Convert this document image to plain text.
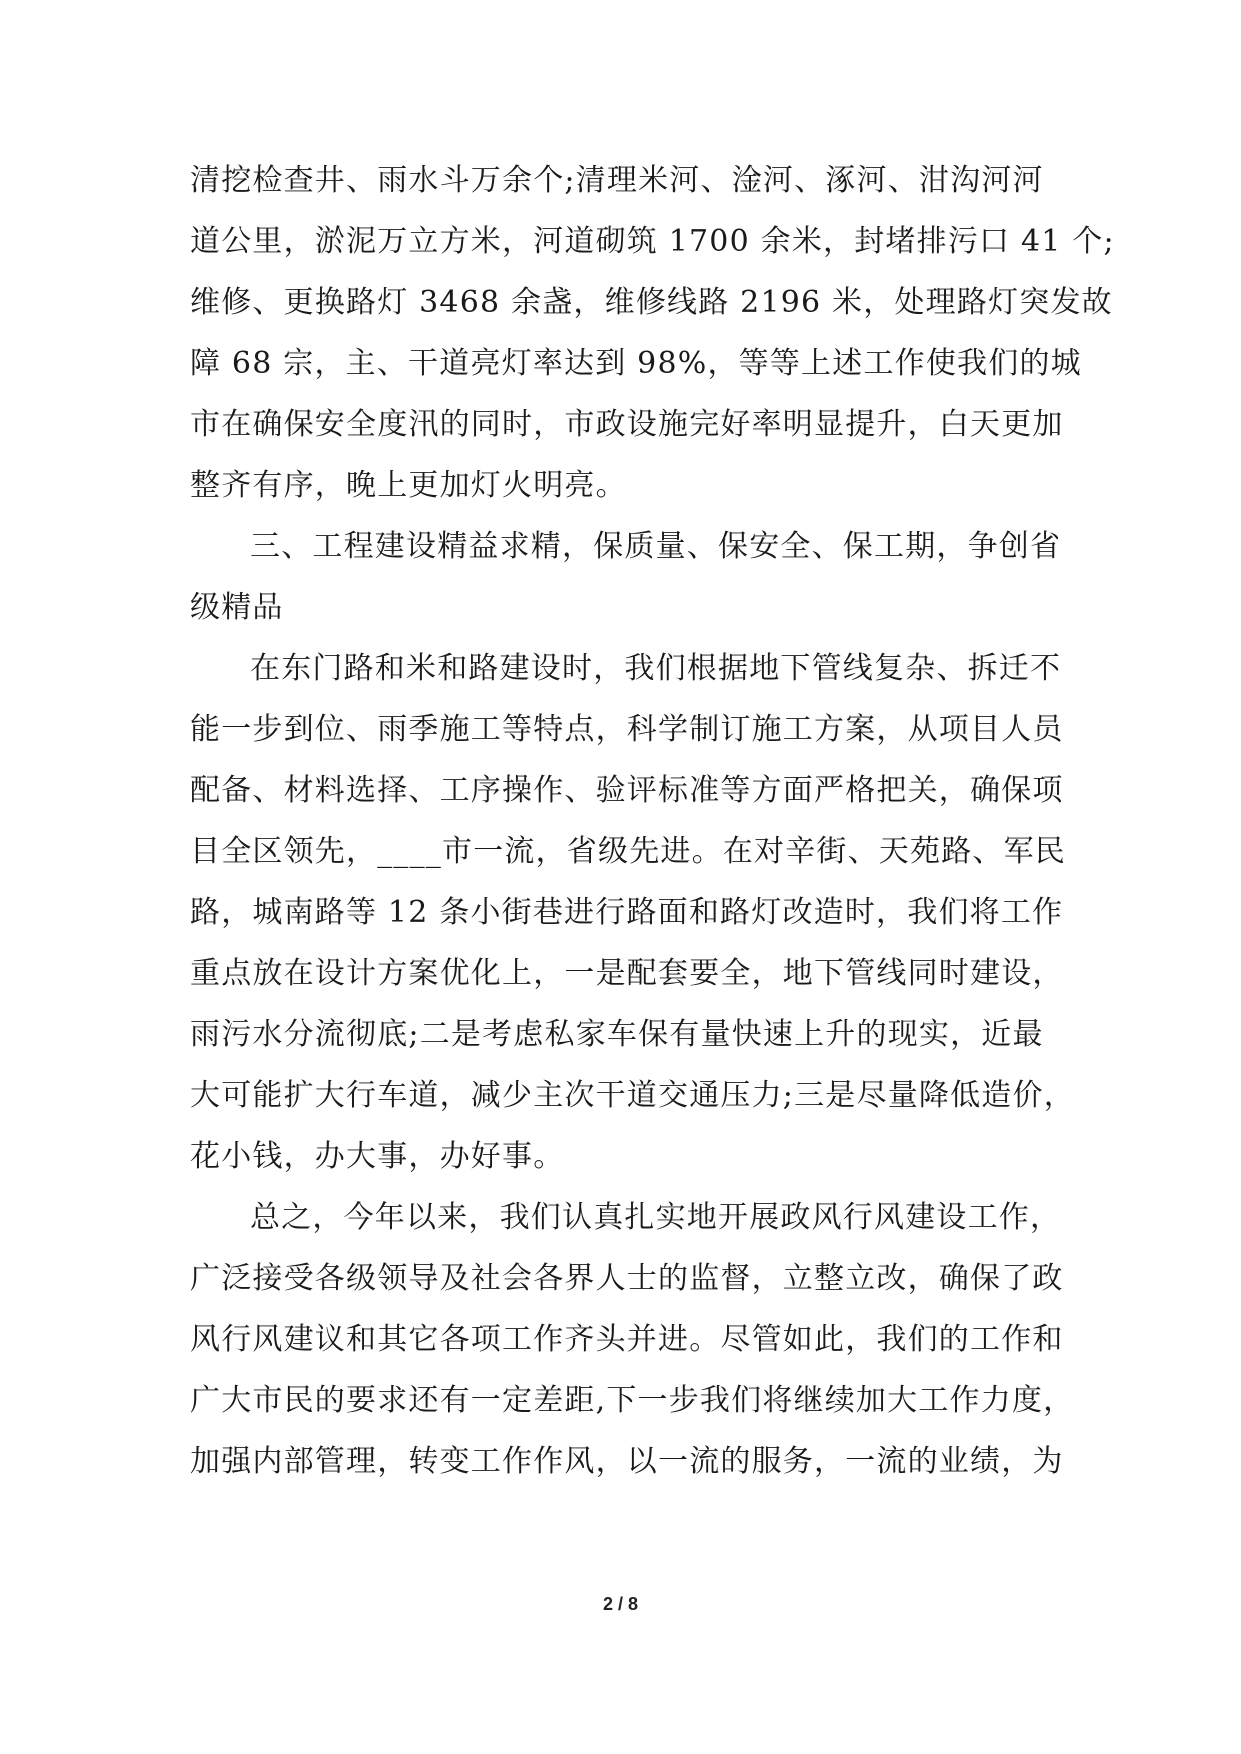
清挖检查井、雨水斗万余个;清理米河、淦河、涿河、泔沟河河
道公里，淤泥万立方米，河道砌筑 1700 余米，封堵排污口 41 个;
维修、更换路灯 3468 余盏，维修线路 2196 米，处理路灯突发故
障 68 宗，主、干道亮灯率达到 98%，等等上述工作使我们的城
市在确保安全度汛的同时，市政设施完好率明显提升，白天更加
整齐有序，晚上更加灯火明亮。
三、工程建设精益求精，保质量、保安全、保工期，争创省
级精品
在东门路和米和路建设时，我们根据地下管线复杂、拆迁不
能一步到位、雨季施工等特点，科学制订施工方案，从项目人员
配备、材料选择、工序操作、验评标准等方面严格把关，确保项
目全区领先，____市一流，省级先进。在对辛街、天苑路、军民
路，城南路等 12 条小街巷进行路面和路灯改造时，我们将工作
重点放在设计方案优化上，一是配套要全，地下管线同时建设，
雨污水分流彻底;二是考虑私家车保有量快速上升的现实，近最
大可能扩大行车道，减少主次干道交通压力;三是尽量降低造价，
花小钱，办大事，办好事。
总之，今年以来，我们认真扎实地开展政风行风建设工作，
广泛接受各级领导及社会各界人士的监督，立整立改，确保了政
风行风建议和其它各项工作齐头并进。尽管如此，我们的工作和
广大市民的要求还有一定差距,下一步我们将继续加大工作力度，
加强内部管理，转变工作作风，以一流的服务，一流的业绩，为
2 / 8
